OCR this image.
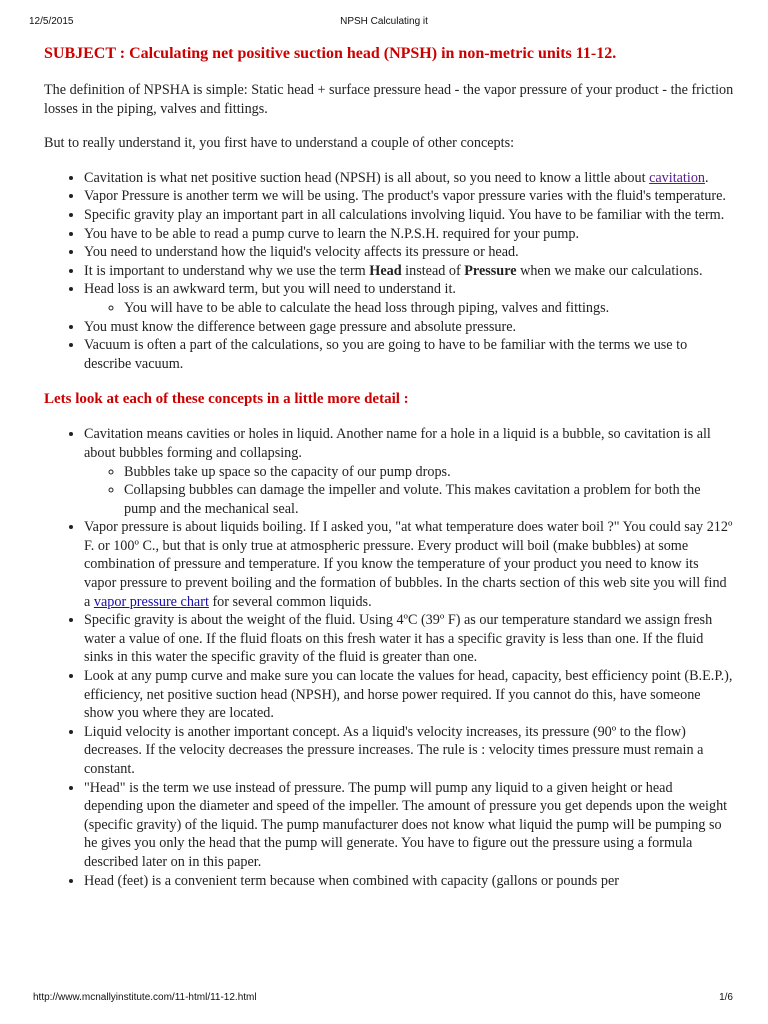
12/5/2015	NPSH Calculating it
SUBJECT : Calculating net positive suction head (NPSH) in non-metric units 11-12.

The definition of NPSHA is simple: Static head + surface pressure head - the vapor pressure of your product - the friction losses in the piping, valves and fittings.

But to really understand it, you first have to understand a couple of other concepts:

• Cavitation is what net positive suction head (NPSH) is all about, so you need to know a little about cavitation.
• Vapor Pressure is another term we will be using. The product's vapor pressure varies with the fluid's temperature.
• Specific gravity play an important part in all calculations involving liquid. You have to be familiar with the term.
• You have to be able to read a pump curve to learn the N.P.S.H. required for your pump.
• You need to understand how the liquid's velocity affects its pressure or head.
• It is important to understand why we use the term Head instead of Pressure when we make our calculations.
• Head loss is an awkward term, but you will need to understand it.
◦ You will have to be able to calculate the head loss through piping, valves and fittings.
• You must know the difference between gage pressure and absolute pressure.
• Vacuum is often a part of the calculations, so you are going to have to be familiar with the terms we use to describe vacuum.
Lets look at each of these concepts in a little more detail :
• Cavitation means cavities or holes in liquid. Another name for a hole in a liquid is a bubble, so cavitation is all about bubbles forming and collapsing.
◦ Bubbles take up space so the capacity of our pump drops.
◦ Collapsing bubbles can damage the impeller and volute. This makes cavitation a problem for both the pump and the mechanical seal.
• Vapor pressure is about liquids boiling. If I asked you, "at what temperature does water boil ?" You could say 212º F. or 100º C., but that is only true at atmospheric pressure. Every product will boil (make bubbles) at some combination of pressure and temperature. If you know the temperature of your product you need to know its vapor pressure to prevent boiling and the formation of bubbles. In the charts section of this web site you will find a vapor pressure chart for several common liquids.
• Specific gravity is about the weight of the fluid. Using 4ºC (39º F) as our temperature standard we assign fresh water a value of one. If the fluid floats on this fresh water it has a specific gravity is less than one. If the fluid sinks in this water the specific gravity of the fluid is greater than one.
• Look at any pump curve and make sure you can locate the values for head, capacity, best efficiency point (B.E.P.), efficiency, net positive suction head (NPSH), and horse power required. If you cannot do this, have someone show you where they are located.
• Liquid velocity is another important concept. As a liquid's velocity increases, its pressure (90º to the flow) decreases. If the velocity decreases the pressure increases. The rule is : velocity times pressure must remain a constant.
• "Head" is the term we use instead of pressure. The pump will pump any liquid to a given height or head depending upon the diameter and speed of the impeller. The amount of pressure you get depends upon the weight (specific gravity) of the liquid. The pump manufacturer does not know what liquid the pump will be pumping so he gives you only the head that the pump will generate. You have to figure out the pressure using a formula described later on in this paper.
• Head (feet) is a convenient term because when combined with capacity (gallons or pounds per
http://www.mcnallyinstitute.com/11-html/11-12.html	1/6
